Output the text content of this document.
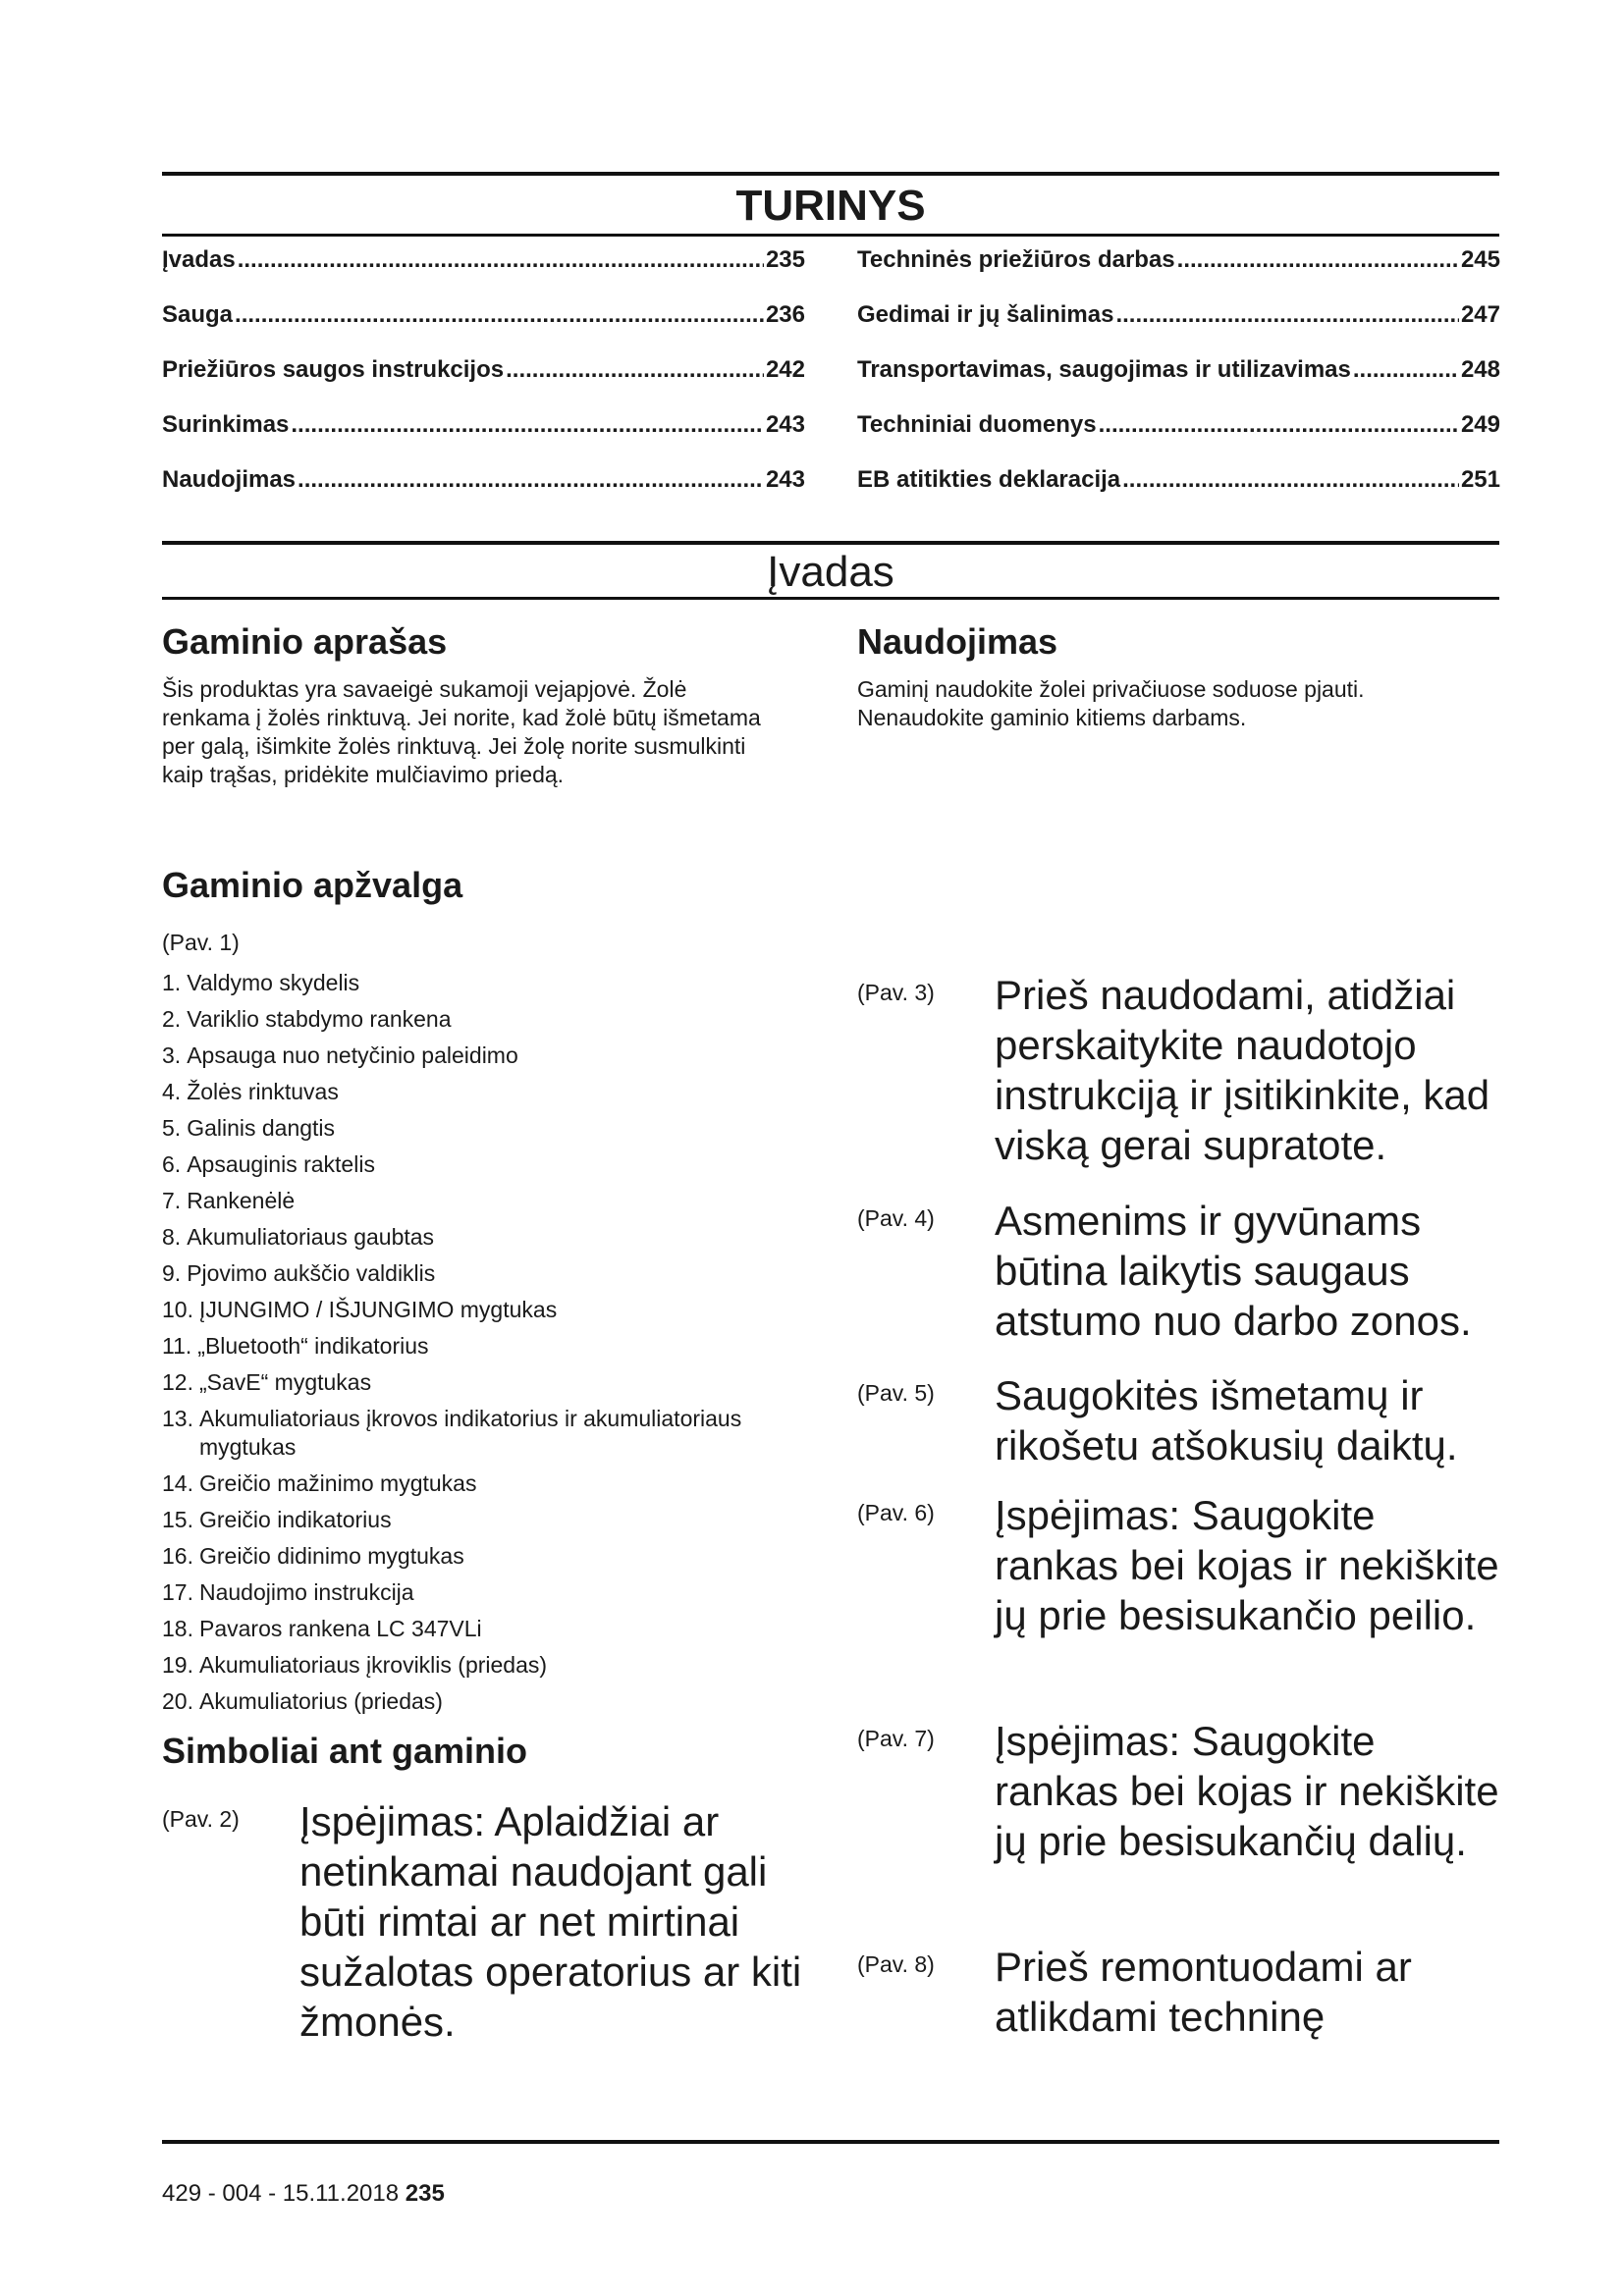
TURINYS
Įvadas .....	235
Sauga .....	236
Priežiūros saugos instrukcijos .....	242
Surinkimas .....	243
Naudojimas .....	243
Techninės priežiūros darbas .....	245
Gedimai ir jų šalinimas .....	247
Transportavimas, saugojimas ir utilizavimas .....	248
Techniniai duomenys .....	249
EB atitikties deklaracija .....	251
Įvadas
Gaminio aprašas

Šis produktas yra savaeigė sukamoji vejapjovė. Žolė renkama į žolės rinktuvą. Jei norite, kad žolė būtų išmetama per galą, išimkite žolės rinktuvą. Jei žolę norite susmulkinti kaip trąšas, pridėkite mulčiavimo priedą.

Gaminio apžvalga

(Pav. 1)

1. Valdymo skydelis
2. Variklio stabdymo rankena
3. Apsauga nuo netyčinio paleidimo
4. Žolės rinktuvas
5. Galinis dangtis
6. Apsauginis raktelis
7. Rankenėlė
8. Akumuliatoriaus gaubtas
9. Pjovimo aukščio valdiklis
10. ĮJUNGIMO / IŠJUNGIMO mygtukas
11. „Bluetooth“ indikatorius
12. „SavE“ mygtukas
13. Akumuliatoriaus įkrovos indikatorius ir akumuliatoriaus mygtukas
14. Greičio mažinimo mygtukas
15. Greičio indikatorius
16. Greičio didinimo mygtukas
17. Naudojimo instrukcija
18. Pavaros rankena LC 347VLi
19. Akumuliatoriaus įkroviklis (priedas)
20. Akumuliatorius (priedas)
Simboliai ant gaminio
(Pav. 2)	Įspėjimas: Aplaidžiai ar netinkamai naudojant gali būti rimtai ar net mirtinai sužalotas operatorius ar kiti žmonės.
Naudojimas

Gaminį naudokite žolei privačiuose soduose pjauti. Nenaudokite gaminio kitiems darbams.

(Pav. 3)	Prieš naudodami, atidžiai perskaitykite naudotojo instrukciją ir įsitikinkite, kad viską gerai supratote.
(Pav. 4)	Asmenims ir gyvūnams būtina laikytis saugaus atstumo nuo darbo zonos.
(Pav. 5)	Saugokitės išmetamų ir rikošetu atšokusių daiktų.
(Pav. 6)	Įspėjimas: Saugokite rankas bei kojas ir nekiškite jų prie besisukančio peilio.
(Pav. 7)	Įspėjimas: Saugokite rankas bei kojas ir nekiškite jų prie besisukančių dalių.
(Pav. 8)	Prieš remontuodami ar atlikdami techninę

429 - 004 - 15.11.2018 235
